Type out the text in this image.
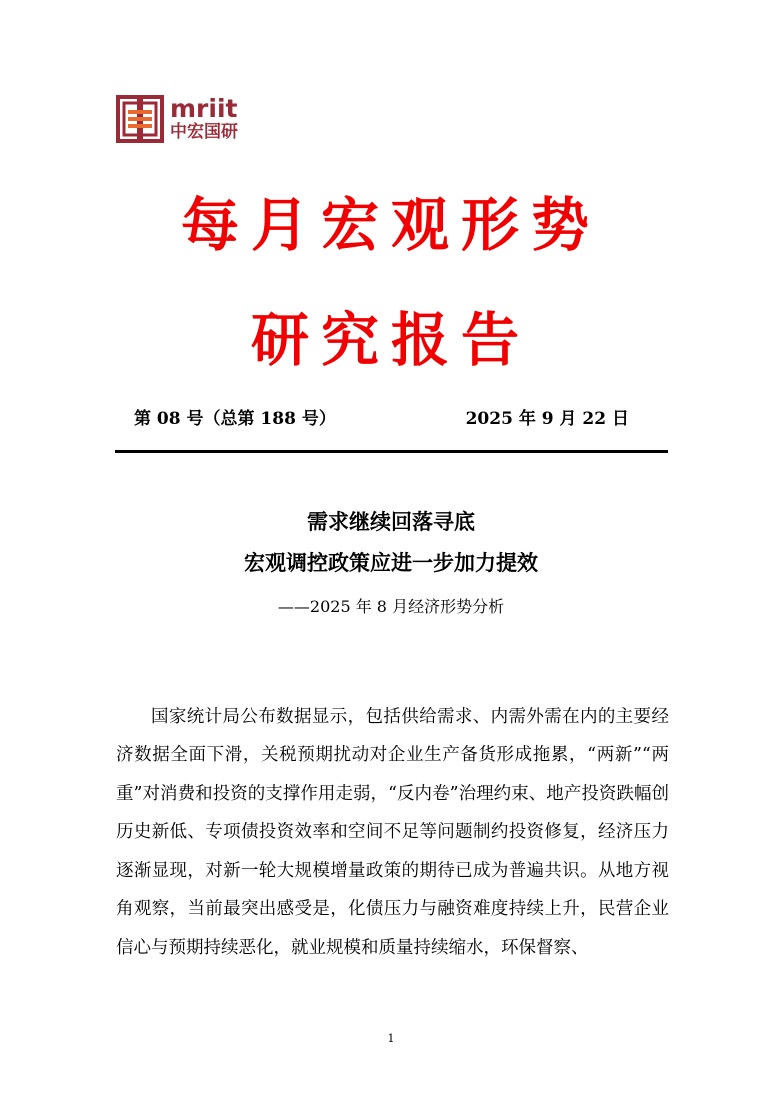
mriit
中宏国研
每月宏观形势
研究报告
第 08 号（总第 188 号）	2025 年 9 月 22 日
需求继续回落寻底
宏观调控政策应进一步加力提效
——2025 年 8 月经济形势分析

国家统计局公布数据显示，包括供给需求、内需外需在内的主要经济数据全面下滑，关税预期扰动对企业生产备货形成拖累，“两新”“两重”对消费和投资的支撑作用走弱，“反内卷”治理约束、地产投资跌幅创历史新低、专项债投资效率和空间不足等问题制约投资修复，经济压力逐渐显现，对新一轮大规模增量政策的期待已成为普遍共识。从地方视角观察，当前最突出感受是，化债压力与融资难度持续上升，民营企业信心与预期持续恶化，就业规模和质量持续缩水，环保督察、

1
